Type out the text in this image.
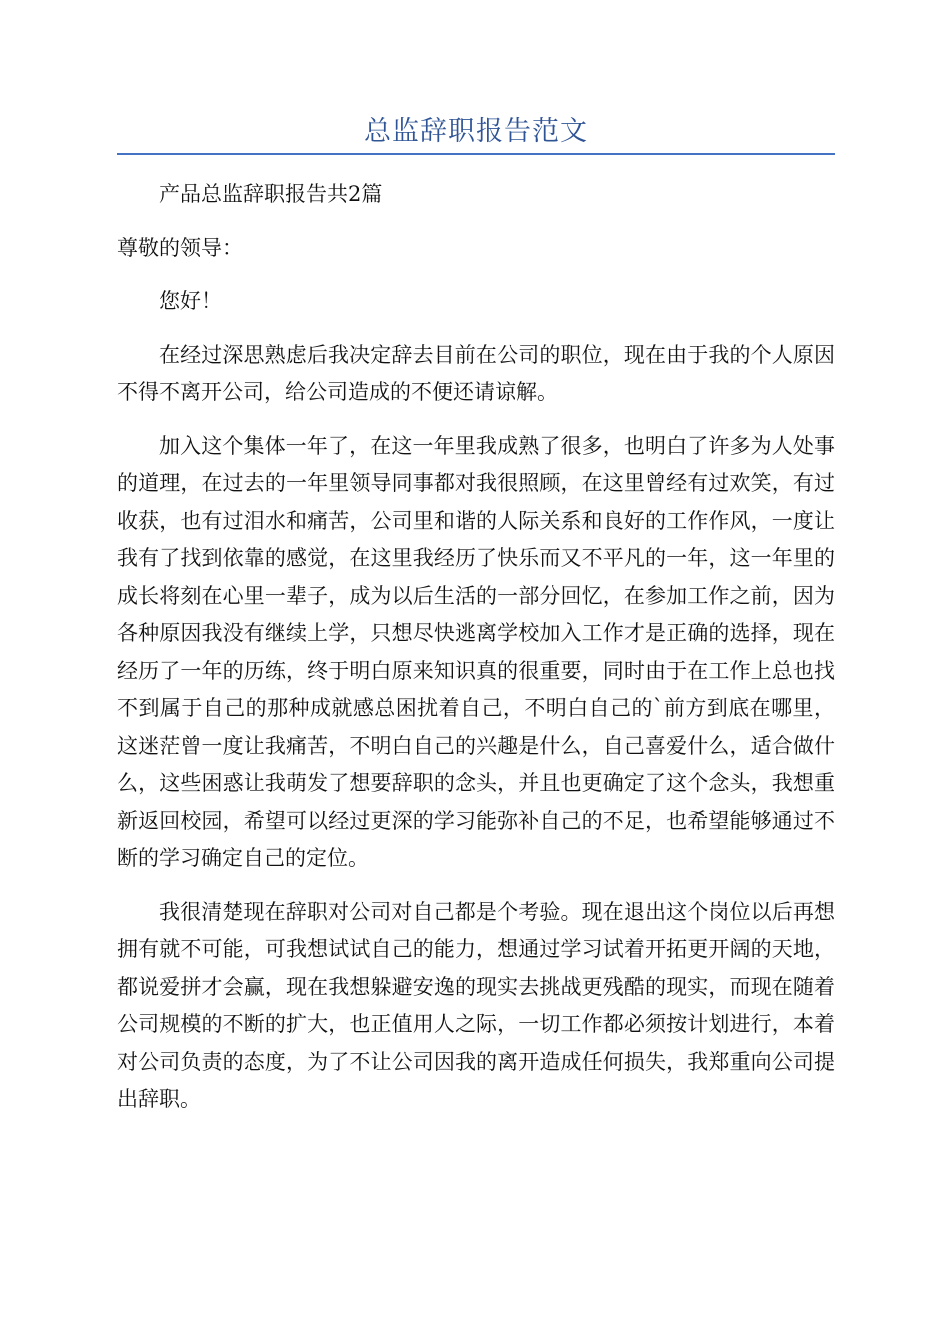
总监辞职报告范文

产品总监辞职报告共2篇

尊敬的领导：

您好！

在经过深思熟虑后我决定辞去目前在公司的职位，现在由于我的个人原因不得不离开公司，给公司造成的不便还请谅解。

加入这个集体一年了，在这一年里我成熟了很多，也明白了许多为人处事的道理，在过去的一年里领导同事都对我很照顾，在这里曾经有过欢笑，有过收获，也有过泪水和痛苦，公司里和谐的人际关系和良好的工作作风，一度让我有了找到依靠的感觉，在这里我经历了快乐而又不平凡的一年，这一年里的成长将刻在心里一辈子，成为以后生活的一部分回忆，在参加工作之前，因为各种原因我没有继续上学，只想尽快逃离学校加入工作才是正确的选择，现在经历了一年的历练，终于明白原来知识真的很重要，同时由于在工作上总也找不到属于自己的那种成就感总困扰着自己，不明白自己的`前方到底在哪里，这迷茫曾一度让我痛苦，不明白自己的兴趣是什么，自己喜爱什么，适合做什么，这些困惑让我萌发了想要辞职的念头，并且也更确定了这个念头，我想重新返回校园，希望可以经过更深的学习能弥补自己的不足，也希望能够通过不断的学习确定自己的定位。

我很清楚现在辞职对公司对自己都是个考验。现在退出这个岗位以后再想拥有就不可能，可我想试试自己的能力，想通过学习试着开拓更开阔的天地，都说爱拼才会赢，现在我想躲避安逸的现实去挑战更残酷的现实，而现在随着公司规模的不断的扩大，也正值用人之际，一切工作都必须按计划进行，本着对公司负责的态度，为了不让公司因我的离开造成任何损失，我郑重向公司提出辞职。
